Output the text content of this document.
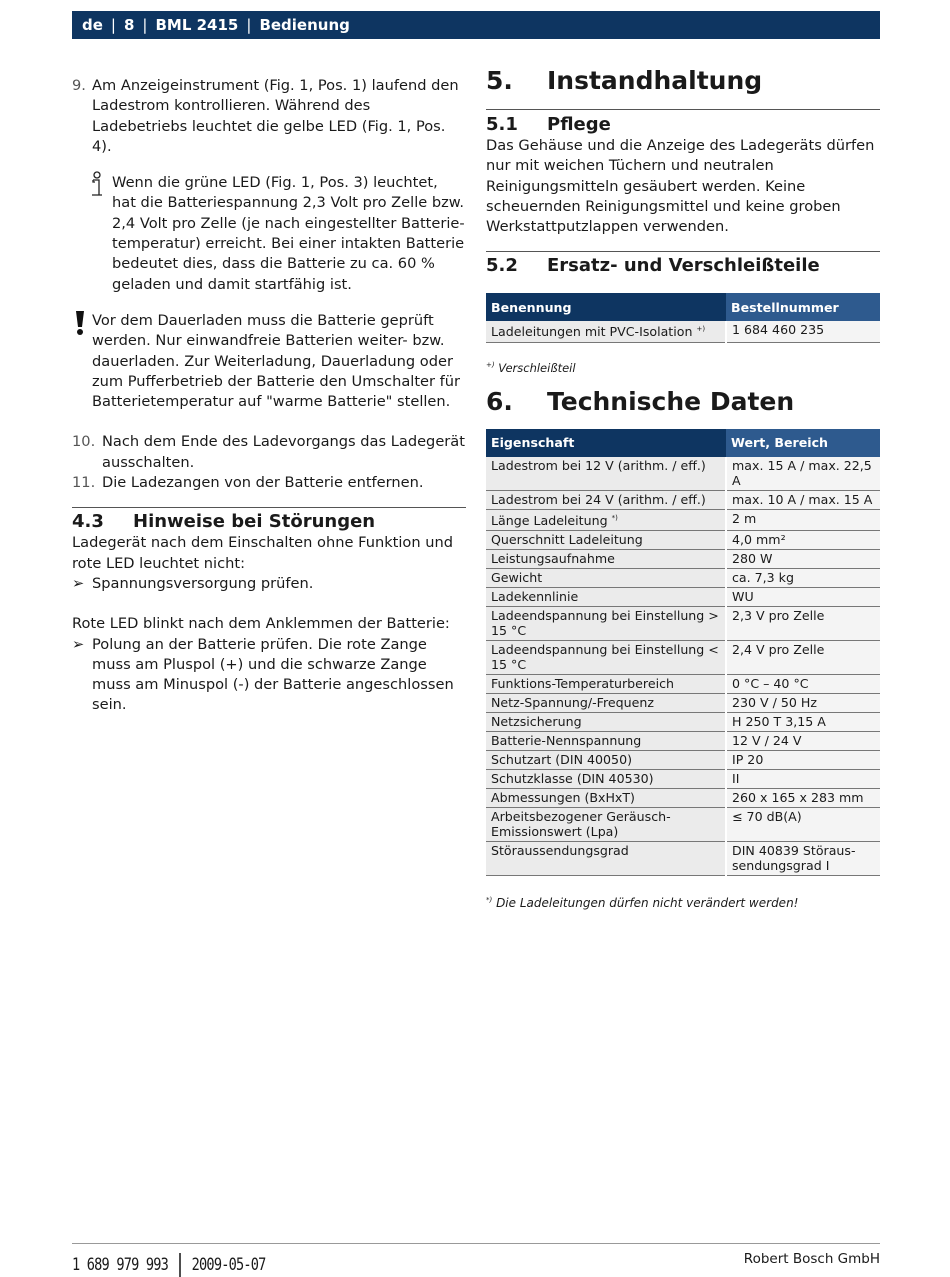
de | 8 | BML 2415 | Bedienung
9. Am Anzeigeinstrument (Fig. 1, Pos. 1) laufend den Ladestrom kontrollieren. Während des Ladebetriebs leuchtet die gelbe LED (Fig. 1, Pos. 4).
Wenn die grüne LED (Fig. 1, Pos. 3) leuchtet, hat die Batteriespannung 2,3 Volt pro Zelle bzw. 2,4 Volt pro Zelle (je nach eingestellter Batterietemperatur) erreicht. Bei einer intakten Batterie bedeutet dies, dass die Batterie zu ca. 60 % geladen und damit startfähig ist.
Vor dem Dauerladen muss die Batterie geprüft werden. Nur einwandfreie Batterien weiter- bzw. dauerladen. Zur Weiterladung, Dauerladung oder zum Pufferbetrieb der Batterie den Umschalter für Batterietemperatur auf "warme Batterie" stellen.
10. Nach dem Ende des Ladevorgangs das Ladegerät ausschalten.
11. Die Ladezangen von der Batterie entfernen.
4.3	Hinweise bei Störungen
Ladegerät nach dem Einschalten ohne Funktion und rote LED leuchtet nicht:
➢ Spannungsversorgung prüfen.
Rote LED blinkt nach dem Anklemmen der Batterie:
➢ Polung an der Batterie prüfen. Die rote Zange muss am Pluspol (+) und die schwarze Zange muss am Minuspol (-) der Batterie angeschlossen sein.
5.	Instandhaltung
5.1	Pflege
Das Gehäuse und die Anzeige des Ladegeräts dürfen nur mit weichen Tüchern und neutralen Reinigungsmitteln gesäubert werden. Keine scheuernden Reinigungsmittel und keine groben Werkstattputzlappen verwenden.
5.2	Ersatz- und Verschleißteile
Benennung	Bestellnummer
Ladeleitungen mit PVC-Isolation +)	1 684 460 235
+) Verschleißteil
6.	Technische Daten
Eigenschaft	Wert, Bereich
Ladestrom bei 12 V (arithm. / eff.)	max. 15 A / max. 22,5 A
Ladestrom bei 24 V (arithm. / eff.)	max. 10 A / max. 15 A
Länge Ladeleitung *)	2 m
Querschnitt Ladeleitung	4,0 mm²
Leistungsaufnahme	280 W
Gewicht	ca. 7,3 kg
Ladekennlinie	WU
Ladeendspannung bei Einstellung > 15 °C	2,3 V pro Zelle
Ladeendspannung bei Einstellung < 15 °C	2,4 V pro Zelle
Funktions-Temperaturbereich	0 °C – 40 °C
Netz-Spannung/-Frequenz	230 V / 50 Hz
Netzsicherung	H 250 T 3,15 A
Batterie-Nennspannung	12 V / 24 V
Schutzart (DIN 40050)	IP 20
Schutzklasse (DIN 40530)	II
Abmessungen (BxHxT)	260 x 165 x 283 mm
Arbeitsbezogener Geräusch-Emissionswert (Lpa)	≤ 70 dB(A)
Störaussendungsgrad	DIN 40839 Störaussendungsgrad I
*) Die Ladeleitungen dürfen nicht verändert werden!
1 689 979 993 2009-05-07	Robert Bosch GmbH
